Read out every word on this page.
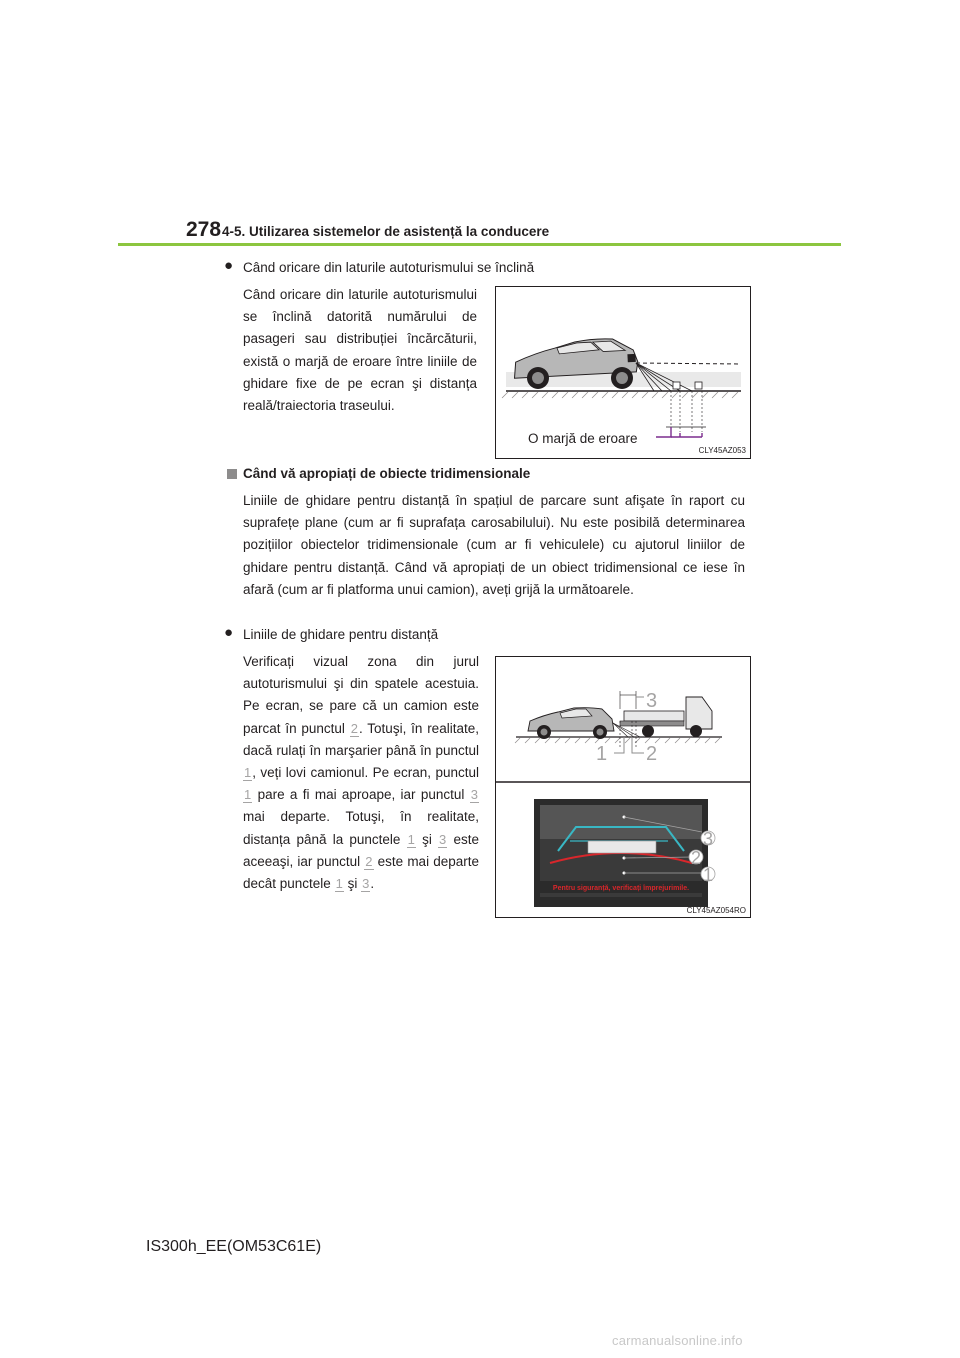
278 4-5. Utilizarea sistemelor de asistență la conducere
● Când oricare din laturile autoturismului se înclină
Când oricare din laturile autoturismului se înclină datorită numărului de pasageri sau distribuției încărcăturii, există o marjă de eroare între liniile de ghidare fixe de pe ecran şi distanța reală/traiectoria traseului.
O marjă de eroare
CLY45AZ053
Când vă apropiați de obiecte tridimensionale
Liniile de ghidare pentru distanță în spațiul de parcare sunt afişate în raport cu suprafețe plane (cum ar fi suprafața carosabilului). Nu este posibilă determinarea pozițiilor obiectelor tridimensionale (cum ar fi vehiculele) cu ajutorul liniilor de ghidare pentru distanță. Când vă apropiați de un obiect tridimensional ce iese în afară (cum ar fi platforma unui camion), aveți grijă la următoarele.
● Liniile de ghidare pentru distanță
Verificați vizual zona din jurul autoturismului şi din spatele acestuia. Pe ecran, se pare că un camion este parcat în punctul 2. Totuşi, în realitate, dacă rulați în marşarier până în punctul 1, veți lovi camionul. Pe ecran, punctul 1 pare a fi mai aproape, iar punctul 3 mai departe. Totuşi, în realitate, distanța până la punctele 1 şi 3 este aceeaşi, iar punctul 2 este mai departe decât punctele 1 şi 3.
1 2
3
Pentru siguranță, verificați împrejurimile.
3
2
1
CLY45AZ054RO
IS300h_EE(OM53C61E)
carmanualsonline.info
